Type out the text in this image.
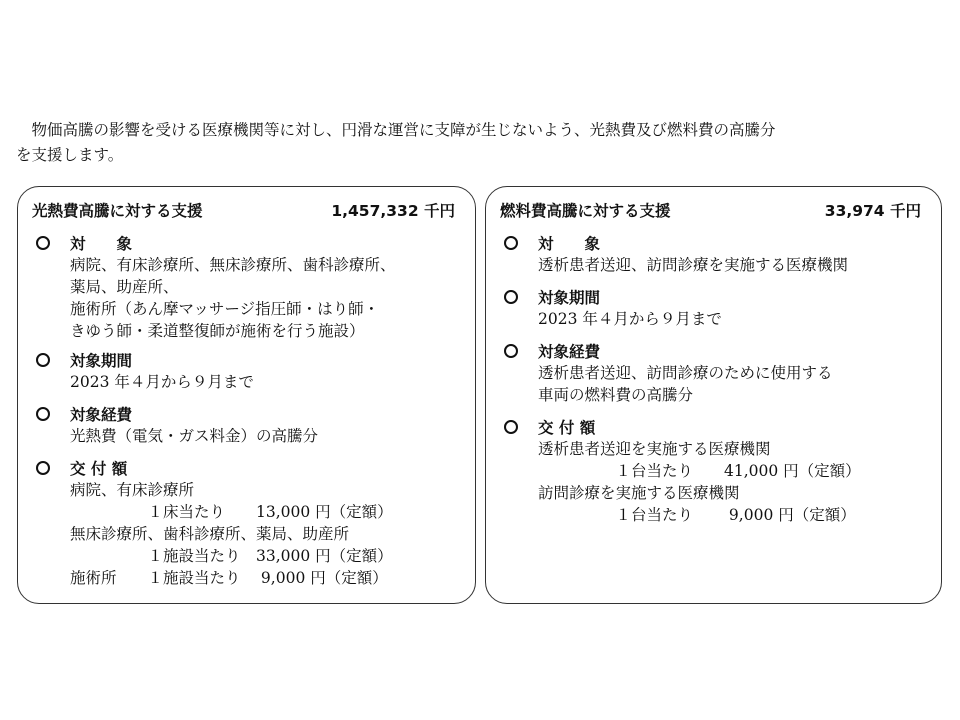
　物価高騰の影響を受ける医療機関等に対し、円滑な運営に支障が生じないよう、光熱費及び燃料費の高騰分
を支援します。

光熱費高騰に対する支援	1,457,332 千円
対　　象
病院、有床診療所、無床診療所、歯科診療所、
薬局、助産所、
施術所（あん摩マッサージ指圧師・はり師・
きゆう師・柔道整復師が施術を行う施設）
対象期間
2023 年４月から９月まで
対象経費
光熱費（電気・ガス料金）の高騰分
交 付 額
病院、有床診療所
　　　　　１床当たり　　13,000 円（定額）
無床診療所、歯科診療所、薬局、助産所
　　　　　１施設当たり　33,000 円（定額）
施術所　　１施設当たり　 9,000 円（定額）
燃料費高騰に対する支援	33,974 千円
対　　象
透析患者送迎、訪問診療を実施する医療機関
対象期間
2023 年４月から９月まで
対象経費
透析患者送迎、訪問診療のために使用する
車両の燃料費の高騰分
交 付 額
透析患者送迎を実施する医療機関
　　　　　１台当たり　　41,000 円（定額）
訪問診療を実施する医療機関
　　　　　１台当たり　　 9,000 円（定額）
